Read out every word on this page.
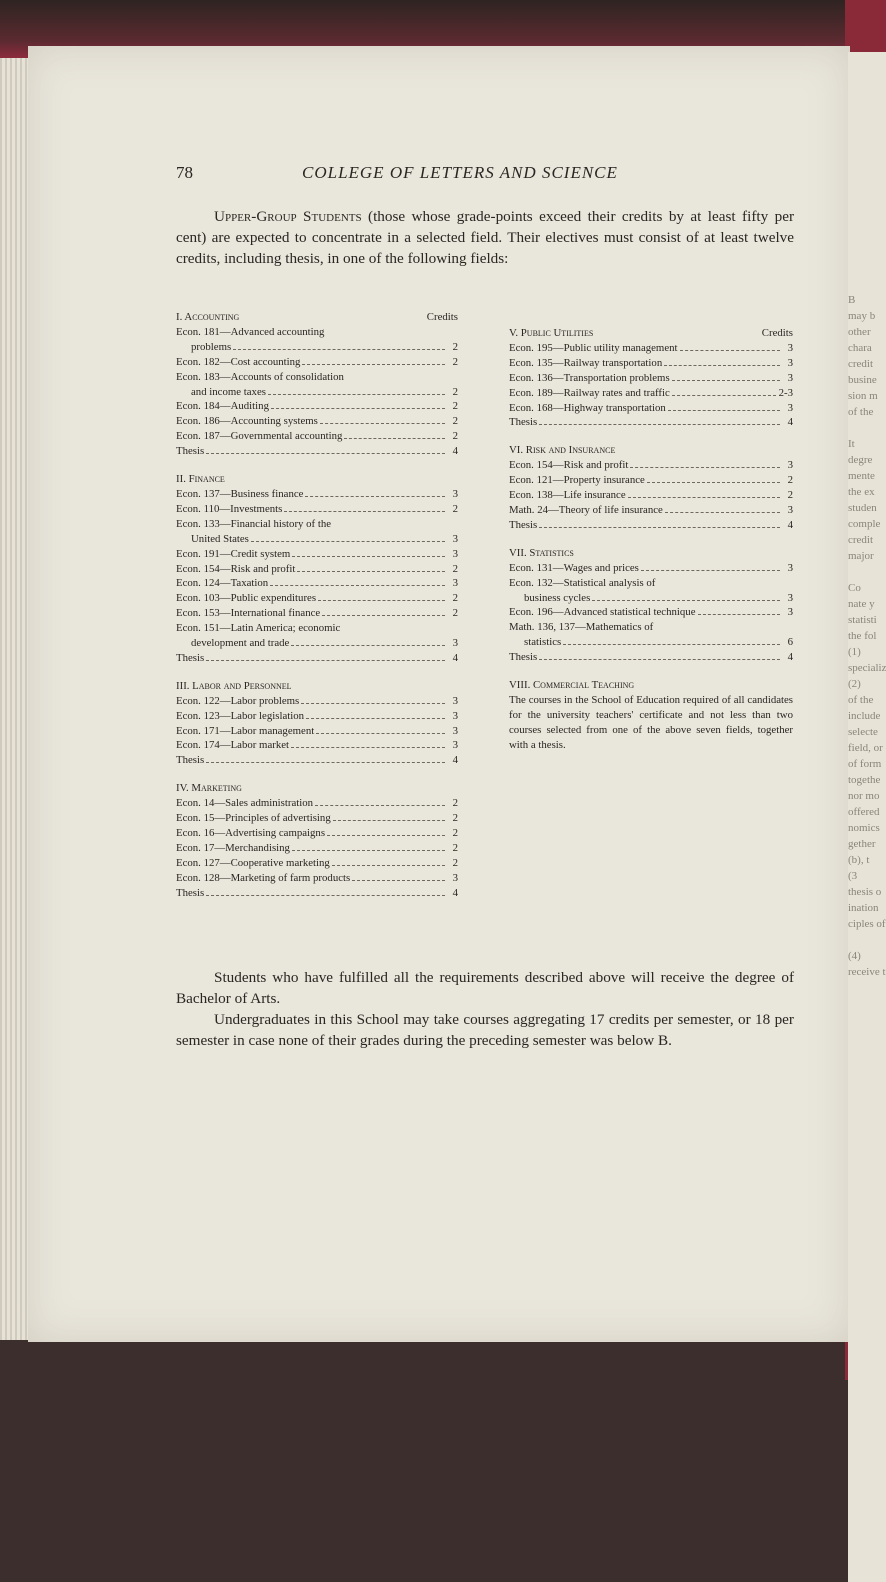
B
may b
other
chara
credit
busine
sion m
of the

It
degre
mente
the ex
studen
comple
credit
major

Co
nate y
statisti
the fol
(1)
specializ
(2)
of the
include
selecte
field, or
of form
togethe
nor mo
offered
nomics
gether
(b), t
(3
thesis o
ination
ciples of

(4)
receive t
78	COLLEGE OF LETTERS AND SCIENCE

Upper-Group Students (those whose grade-points exceed their credits by at least fifty per cent) are expected to concentrate in a selected field. Their electives must consist of at least twelve credits, including thesis, in one of the following fields:

I. Accounting	Credits
Econ. 181—Advanced accounting
problems	2
Econ. 182—Cost accounting	2
Econ. 183—Accounts of consolidation
and income taxes	2
Econ. 184—Auditing	2
Econ. 186—Accounting systems	2
Econ. 187—Governmental accounting	2
Thesis	4
II. Finance
Econ. 137—Business finance	3
Econ. 110—Investments	2
Econ. 133—Financial history of the
United States	3
Econ. 191—Credit system	3
Econ. 154—Risk and profit	2
Econ. 124—Taxation	3
Econ. 103—Public expenditures	2
Econ. 153—International finance	2
Econ. 151—Latin America; economic
development and trade	3
Thesis	4
III. Labor and Personnel
Econ. 122—Labor problems	3
Econ. 123—Labor legislation	3
Econ. 171—Labor management	3
Econ. 174—Labor market	3
Thesis	4
IV. Marketing
Econ. 14—Sales administration	2
Econ. 15—Principles of advertising	2
Econ. 16—Advertising campaigns	2
Econ. 17—Merchandising	2
Econ. 127—Cooperative marketing	2
Econ. 128—Marketing of farm products	3
Thesis	4
V. Public Utilities	Credits
Econ. 195—Public utility management	3
Econ. 135—Railway transportation	3
Econ. 136—Transportation problems	3
Econ. 189—Railway rates and traffic	2-3
Econ. 168—Highway transportation	3
Thesis	4
VI. Risk and Insurance
Econ. 154—Risk and profit	3
Econ. 121—Property insurance	2
Econ. 138—Life insurance	2
Math. 24—Theory of life insurance	3
Thesis	4
VII. Statistics
Econ. 131—Wages and prices	3
Econ. 132—Statistical analysis of
business cycles	3
Econ. 196—Advanced statistical technique	3
Math. 136, 137—Mathematics of
statistics	6
Thesis	4
VIII. Commercial Teaching
The courses in the School of Education required of all candidates for the university teachers' certificate and not less than two courses selected from one of the above seven fields, together with a thesis.

Students who have fulfilled all the requirements described above will receive the degree of Bachelor of Arts.

Undergraduates in this School may take courses aggregating 17 credits per semester, or 18 per semester in case none of their grades during the preceding semester was below B.
